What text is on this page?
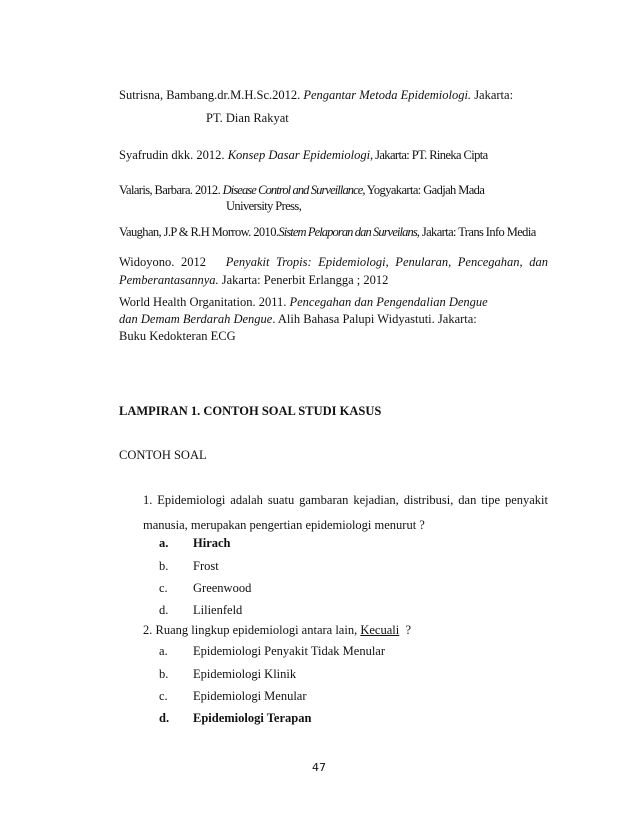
Sutrisna, Bambang.dr.M.H.Sc.2012. Pengantar Metoda Epidemiologi. Jakarta:
PT. Dian Rakyat
Syafrudin dkk. 2012. Konsep Dasar Epidemiologi, Jakarta: PT. Rineka Cipta
Valaris, Barbara. 2012. Disease Control and Surveillance, Yogyakarta: Gadjah Mada
University Press,
Vaughan, J.P & R.H Morrow. 2010.Sistem Pelaporan dan Surveilans, Jakarta: Trans Info Media
Widoyono. 2012 Penyakit Tropis: Epidemiologi, Penularan, Pencegahan, dan Pemberantasannya. Jakarta: Penerbit Erlangga ; 2012
World Health Organitation. 2011. Pencegahan dan Pengendalian Dengue dan Demam Berdarah Dengue. Alih Bahasa Palupi Widyastuti. Jakarta:
Buku Kedokteran ECG
LAMPIRAN 1. CONTOH SOAL STUDI KASUS
CONTOH SOAL
1. Epidemiologi adalah suatu gambaran kejadian, distribusi, dan tipe penyakit manusia, merupakan pengertian epidemiologi menurut ?
a. Hirach
b. Frost
c. Greenwood
d. Lilienfeld
2. Ruang lingkup epidemiologi antara lain, Kecuali ?
a. Epidemiologi Penyakit Tidak Menular
b. Epidemiologi Klinik
c. Epidemiologi Menular
d. Epidemiologi Terapan
47
